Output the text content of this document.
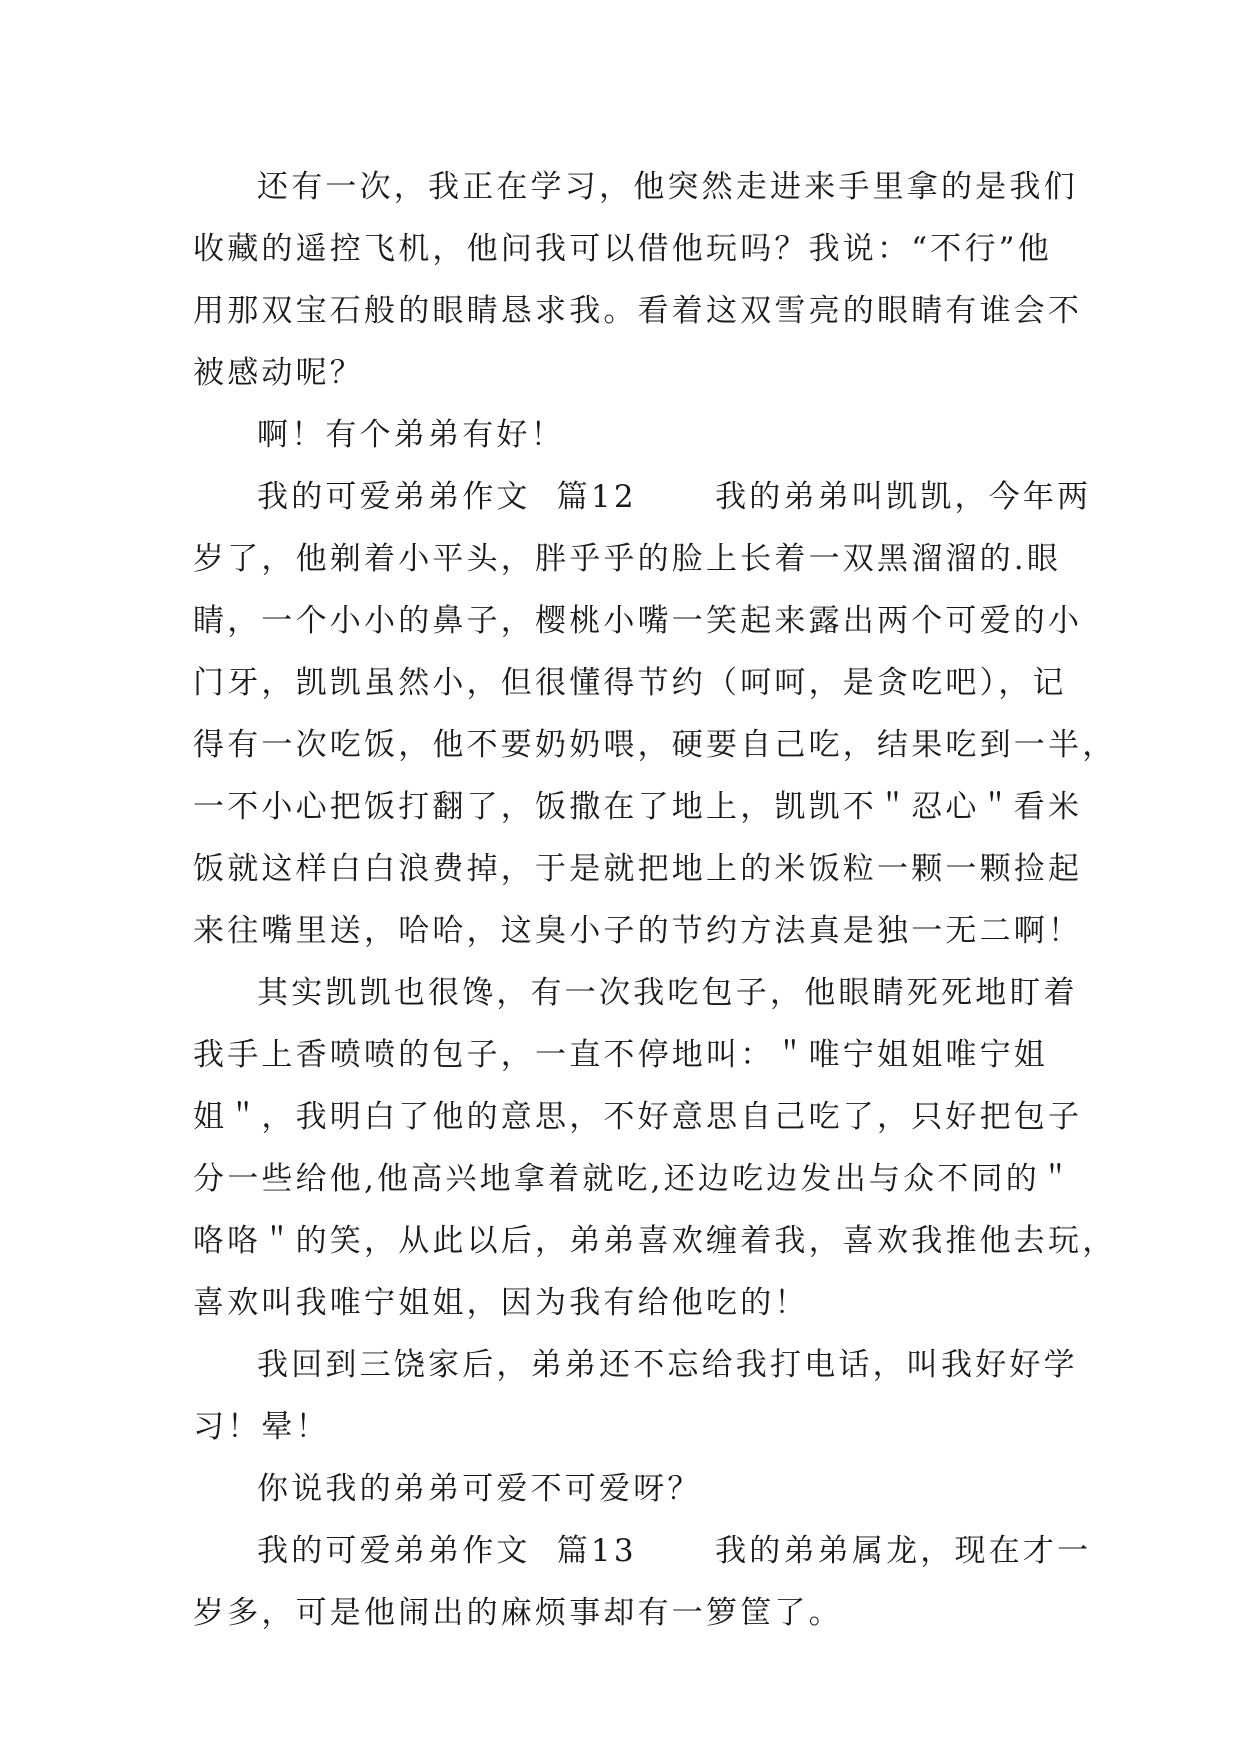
还有一次，我正在学习，他突然走进来手里拿的是我们
收藏的遥控飞机，他问我可以借他玩吗？我说：“不行”他
用那双宝石般的眼睛恳求我。看着这双雪亮的眼睛有谁会不
被感动呢？
啊！有个弟弟有好！
我的可爱弟弟作文  篇12      我的弟弟叫凯凯，今年两
岁了，他剃着小平头，胖乎乎的脸上长着一双黑溜溜的.眼
睛，一个小小的鼻子，樱桃小嘴一笑起来露出两个可爱的小
门牙，凯凯虽然小，但很懂得节约（呵呵，是贪吃吧），记
得有一次吃饭，他不要奶奶喂，硬要自己吃，结果吃到一半，
一不小心把饭打翻了，饭撒在了地上，凯凯不＂忍心＂看米
饭就这样白白浪费掉，于是就把地上的米饭粒一颗一颗捡起
来往嘴里送，哈哈，这臭小子的节约方法真是独一无二啊！
其实凯凯也很馋，有一次我吃包子，他眼睛死死地盯着
我手上香喷喷的包子，一直不停地叫：＂唯宁姐姐唯宁姐
姐＂，我明白了他的意思，不好意思自己吃了，只好把包子
分一些给他,他高兴地拿着就吃,还边吃边发出与众不同的＂
咯咯＂的笑，从此以后，弟弟喜欢缠着我，喜欢我推他去玩，
喜欢叫我唯宁姐姐，因为我有给他吃的！
我回到三饶家后，弟弟还不忘给我打电话，叫我好好学
习！晕！
你说我的弟弟可爱不可爱呀？
我的可爱弟弟作文  篇13      我的弟弟属龙，现在才一
岁多，可是他闹出的麻烦事却有一箩筐了。
